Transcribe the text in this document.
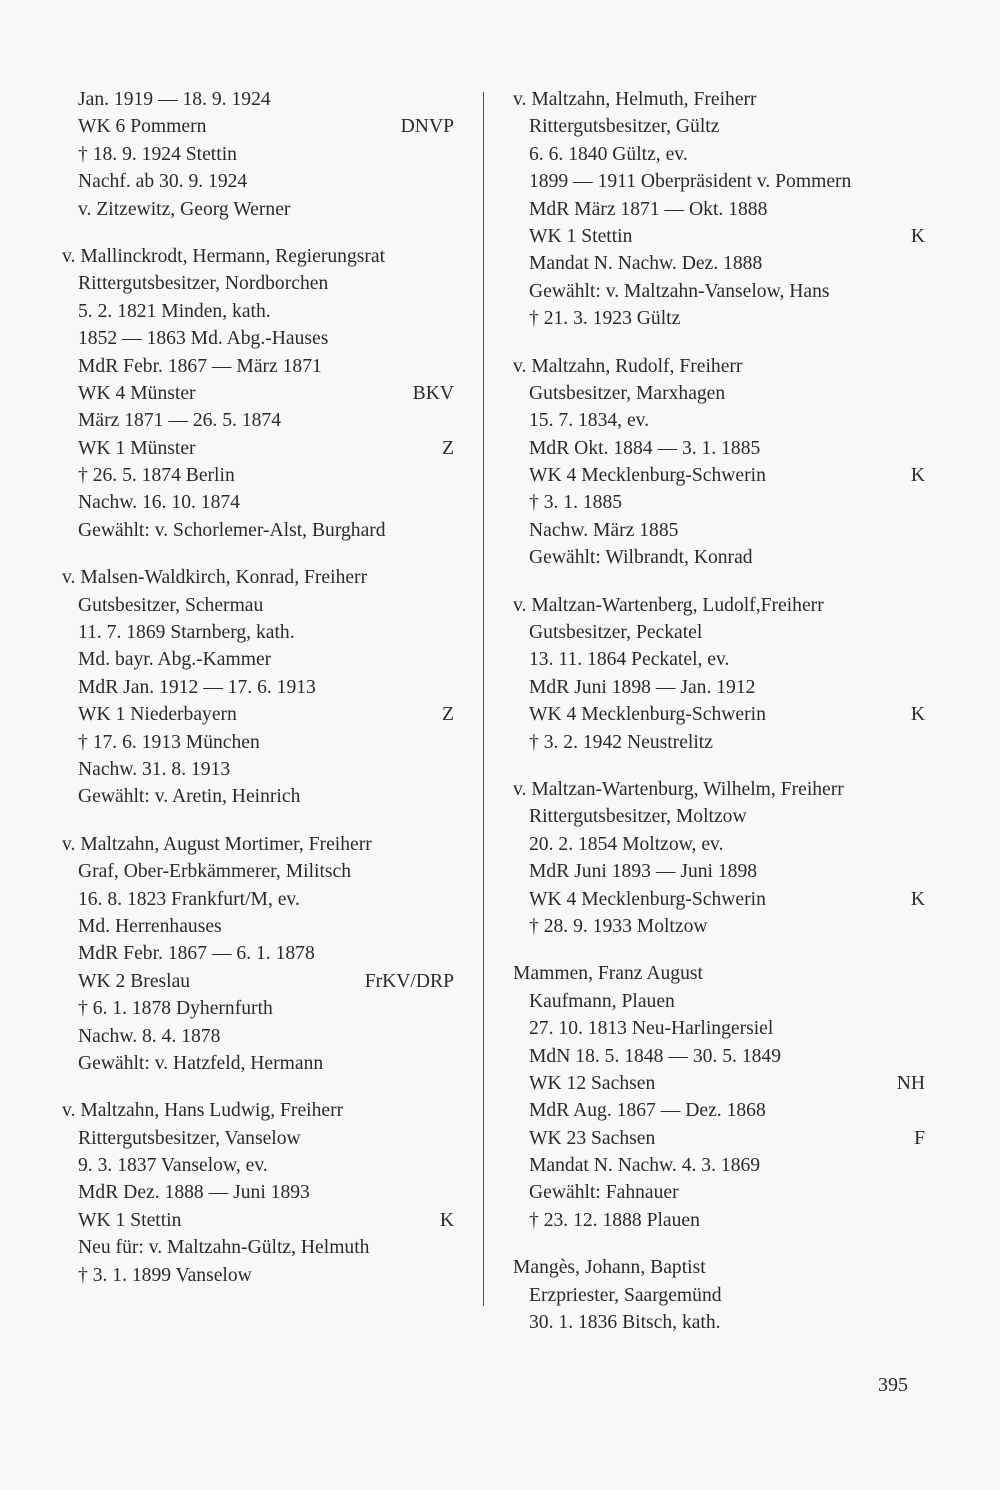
Jan. 1919 — 18. 9. 1924
WK 6 Pommern	DNVP
† 18. 9. 1924 Stettin
Nachf. ab 30. 9. 1924
v. Zitzewitz, Georg Werner
v. Mallinckrodt, Hermann, Regierungsrat
Rittergutsbesitzer, Nordborchen
5. 2. 1821 Minden, kath.
1852 — 1863 Md. Abg.-Hauses
MdR Febr. 1867 — März 1871
WK 4 Münster	BKV
März 1871 — 26. 5. 1874
WK 1 Münster	Z
† 26. 5. 1874 Berlin
Nachw. 16. 10. 1874
Gewählt: v. Schorlemer-Alst, Burghard
v. Malsen-Waldkirch, Konrad, Freiherr
Gutsbesitzer, Schermau
11. 7. 1869 Starnberg, kath.
Md. bayr. Abg.-Kammer
MdR Jan. 1912 — 17. 6. 1913
WK 1 Niederbayern	Z
† 17. 6. 1913 München
Nachw. 31. 8. 1913
Gewählt: v. Aretin, Heinrich
v. Maltzahn, August Mortimer, Freiherr
Graf, Ober-Erbkämmerer, Militsch
16. 8. 1823 Frankfurt/M, ev.
Md. Herrenhauses
MdR Febr. 1867 — 6. 1. 1878
WK 2 Breslau	FrKV/DRP
† 6. 1. 1878 Dyhernfurth
Nachw. 8. 4. 1878
Gewählt: v. Hatzfeld, Hermann
v. Maltzahn, Hans Ludwig, Freiherr
Rittergutsbesitzer, Vanselow
9. 3. 1837 Vanselow, ev.
MdR Dez. 1888 — Juni 1893
WK 1 Stettin	K
Neu für: v. Maltzahn-Gültz, Helmuth
† 3. 1. 1899 Vanselow
v. Maltzahn, Helmuth, Freiherr
Rittergutsbesitzer, Gültz
6. 6. 1840 Gültz, ev.
1899 — 1911 Oberpräsident v. Pommern
MdR März 1871 — Okt. 1888
WK 1 Stettin	K
Mandat N. Nachw. Dez. 1888
Gewählt: v. Maltzahn-Vanselow, Hans
† 21. 3. 1923 Gültz
v. Maltzahn, Rudolf, Freiherr
Gutsbesitzer, Marxhagen
15. 7. 1834, ev.
MdR Okt. 1884 — 3. 1. 1885
WK 4 Mecklenburg-Schwerin	K
† 3. 1. 1885
Nachw. März 1885
Gewählt: Wilbrandt, Konrad
v. Maltzan-Wartenberg, Ludolf,Freiherr
Gutsbesitzer, Peckatel
13. 11. 1864 Peckatel, ev.
MdR Juni 1898 — Jan. 1912
WK 4 Mecklenburg-Schwerin	K
† 3. 2. 1942 Neustrelitz
v. Maltzan-Wartenburg, Wilhelm, Freiherr
Rittergutsbesitzer, Moltzow
20. 2. 1854 Moltzow, ev.
MdR Juni 1893 — Juni 1898
WK 4 Mecklenburg-Schwerin	K
† 28. 9. 1933 Moltzow
Mammen, Franz August
Kaufmann, Plauen
27. 10. 1813 Neu-Harlingersiel
MdN 18. 5. 1848 — 30. 5. 1849
WK 12 Sachsen	NH
MdR Aug. 1867 — Dez. 1868
WK 23 Sachsen	F
Mandat N. Nachw. 4. 3. 1869
Gewählt: Fahnauer
† 23. 12. 1888 Plauen
Mangès, Johann, Baptist
Erzpriester, Saargemünd
30. 1. 1836 Bitsch, kath.
395
